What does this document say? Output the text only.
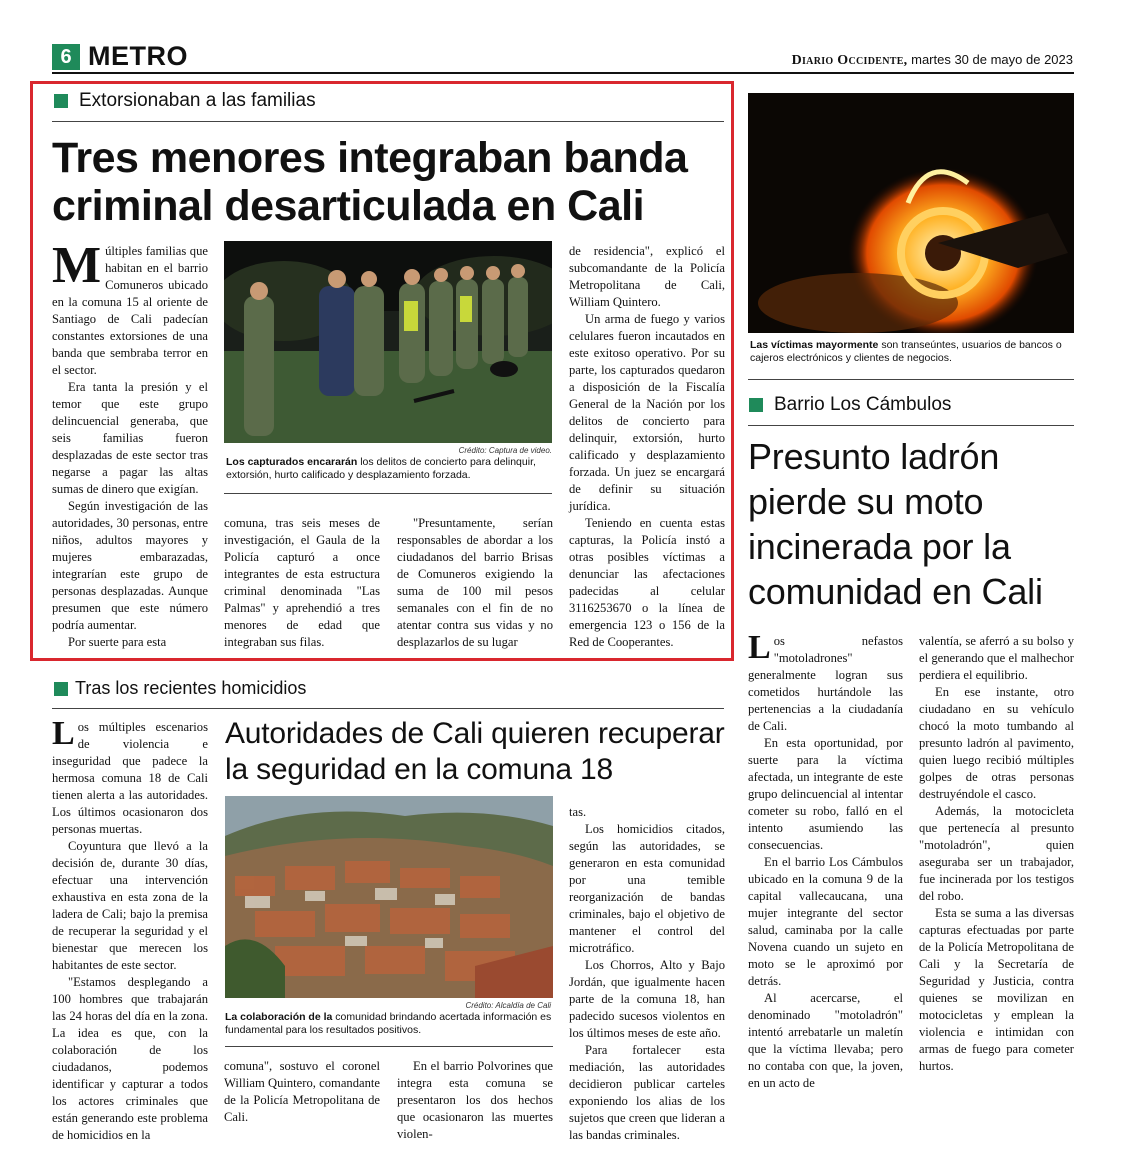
6 METRO	Diario Occidente, martes 30 de mayo de 2023
Extorsionaban a las familias
Tres menores integraban banda criminal desarticulada en Cali
M últiples familias que habitan en el barrio Comuneros ubicado en la comuna 15 al oriente de Santiago de Cali padecían constantes extorsiones de una banda que sembraba terror en el sector.

Era tanta la presión y el temor que este grupo delincuencial generaba, que seis familias fueron desplazadas de este sector tras negarse a pagar las altas sumas de dinero que exigían.

Según investigación de las autoridades, 30 personas, entre niños, adultos mayores y mujeres embarazadas, integrarían este grupo de personas desplazadas. Aunque presumen que este número podría aumentar.

Por suerte para esta

Crédito: Captura de video.
Los capturados encararán los delitos de concierto para delinquir, extorsión, hurto calificado y desplazamiento forzada.

comuna, tras seis meses de investigación, el Gaula de la Policía capturó a once integrantes de esta estructura criminal denominada "Las Palmas" y aprehendió a tres menores de edad que integraban sus filas.

"Presuntamente, serían responsables de abordar a los ciudadanos del barrio Brisas de Comuneros exigiendo la suma de 100 mil pesos semanales con el fin de no atentar contra sus vidas y no desplazarlos de su lugar

de residencia", explicó el subcomandante de la Policía Metropolitana de Cali, William Quintero.

Un arma de fuego y varios celulares fueron incautados en este exitoso operativo. Por su parte, los capturados quedaron a disposición de la Fiscalía General de la Nación por los delitos de concierto para delinquir, extorsión, hurto calificado y desplazamiento forzada. Un juez se encargará de definir su situación jurídica.

Teniendo en cuenta estas capturas, la Policía instó a otras posibles víctimas a denunciar las afectaciones padecidas al celular 3116253670 o la línea de emergencia 123 o 156 de la Red de Cooperantes.

Las víctimas mayormente son transeúntes, usuarios de bancos o cajeros electrónicos y clientes de negocios.
Barrio Los Cámbulos
Presunto ladrón pierde su moto incinerada por la comunidad en Cali
L os nefastos "motoladrones" generalmente logran sus cometidos hurtándole las pertenencias a la ciudadanía de Cali.

En esta oportunidad, por suerte para la víctima afectada, un integrante de este grupo delincuencial al intentar cometer su robo, falló en el intento asumiendo las consecuencias.

En el barrio Los Cámbulos ubicado en la comuna 9 de la capital vallecaucana, una mujer integrante del sector salud, caminaba por la calle Novena cuando un sujeto en moto se le aproximó por detrás.

Al acercarse, el denominado "motoladrón" intentó arrebatarle un maletín que la víctima llevaba; pero no contaba con que, la joven, en un acto de

valentía, se aferró a su bolso y el generando que el malhechor perdiera el equilibrio.

En ese instante, otro ciudadano en su vehículo chocó la moto tumbando al presunto ladrón al pavimento, quien luego recibió múltiples golpes de otras personas destruyéndole el casco.

Además, la motocicleta que pertenecía al presunto "motoladrón", quien aseguraba ser un trabajador, fue incinerada por los testigos del robo.

Esta se suma a las diversas capturas efectuadas por parte de la Policía Metropolitana de Cali y la Secretaría de Seguridad y Justicia, contra quienes se movilizan en motocicletas y emplean la violencia e intimidan con armas de fuego para cometer hurtos.

Tras los recientes homicidios
L os múltiples escenarios de violencia e inseguridad que padece la hermosa comuna 18 de Cali tienen alerta a las autoridades. Los últimos ocasionaron dos personas muertas.

Coyuntura que llevó a la decisión de, durante 30 días, efectuar una intervención exhaustiva en esta zona de la ladera de Cali; bajo la premisa de recuperar la seguridad y el bienestar que merecen los habitantes de este sector.

"Estamos desplegando a 100 hombres que trabajarán las 24 horas del día en la zona. La idea es que, con la colaboración de los ciudadanos, podemos identificar y capturar a todos los actores criminales que están generando este problema de homicidios en la

Autoridades de Cali quieren recuperar la seguridad en la comuna 18
Crédito: Alcaldía de Cali
La colaboración de la comunidad brindando acertada información es fundamental para los resultados positivos.

comuna", sostuvo el coronel William Quintero, comandante de la Policía Metropolitana de Cali.

En el barrio Polvorines que integra esta comuna se presentaron los dos hechos que ocasionaron las muertes violen-

tas.

Los homicidios citados, según las autoridades, se generaron en esta comunidad por una temible reorganización de bandas criminales, bajo el objetivo de mantener el control del microtráfico.

Los Chorros, Alto y Bajo Jordán, que igualmente hacen parte de la comuna 18, han padecido sucesos violentos en los últimos meses de este año.

Para fortalecer esta mediación, las autoridades decidieron publicar carteles exponiendo los alias de los sujetos que creen que lideran a las bandas criminales.
